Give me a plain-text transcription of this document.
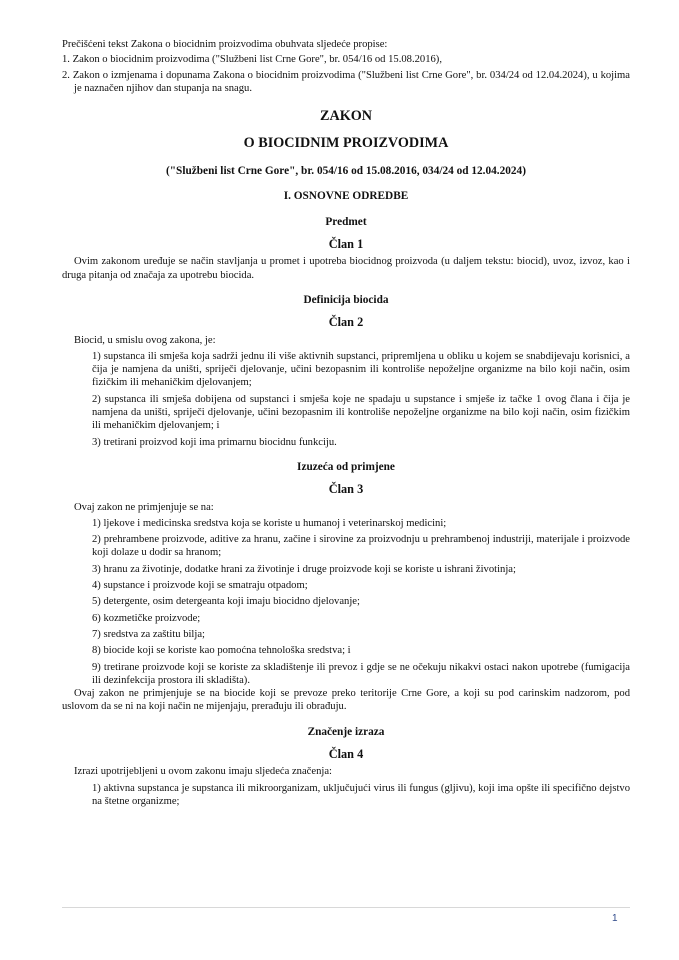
Prečišćeni tekst Zakona o biocidnim proizvodima obuhvata sljedeće propise:

1. Zakon o biocidnim proizvodima ("Službeni list Crne Gore", br. 054/16 od 15.08.2016),

2. Zakon o izmjenama i dopunama Zakona o biocidnim proizvodima ("Službeni list Crne Gore", br. 034/24 od 12.04.2024), u kojima je naznačen njihov dan stupanja na snagu.

ZAKON

O BIOCIDNIM PROIZVODIMA

("Službeni list Crne Gore", br. 054/16 od 15.08.2016, 034/24 od 12.04.2024)

I. OSNOVNE ODREDBE

Predmet

Član 1

Ovim zakonom uređuje se način stavljanja u promet i upotreba biocidnog proizvoda (u daljem tekstu: biocid), uvoz, izvoz, kao i druga pitanja od značaja za upotrebu biocida.

Definicija biocida

Član 2

Biocid, u smislu ovog zakona, je:

1) supstanca ili smješa koja sadrži jednu ili više aktivnih supstanci, pripremljena u obliku u kojem se snabdijevaju korisnici, a čija je namjena da uništi, spriječi djelovanje, učini bezopasnim ili kontroliše nepoželjne organizme na bilo koji način, osim fizičkim ili mehaničkim djelovanjem;

2) supstanca ili smješa dobijena od supstanci i smješa koje ne spadaju u supstance i smješe iz tačke 1 ovog člana i čija je namjena da uništi, spriječi djelovanje, učini bezopasnim ili kontroliše nepoželjne organizme na bilo koji način, osim fizičkim ili mehaničkim djelovanjem; i

3) tretirani proizvod koji ima primarnu biocidnu funkciju.

Izuzeća od primjene

Član 3

Ovaj zakon ne primjenjuje se na:

1) ljekove i medicinska sredstva koja se koriste u humanoj i veterinarskoj medicini;

2) prehrambene proizvode, aditive za hranu, začine i sirovine za proizvodnju u prehrambenoj industriji, materijale i proizvode koji dolaze u dodir sa hranom;

3) hranu za životinje, dodatke hrani za životinje i druge proizvode koji se koriste u ishrani životinja;

4) supstance i proizvode koji se smatraju otpadom;

5) detergente, osim detergeanta koji imaju biocidno djelovanje;

6) kozmetičke proizvode;

7) sredstva za zaštitu bilja;

8) biocide koji se koriste kao pomoćna tehnološka sredstva; i

9) tretirane proizvode koji se koriste za skladištenje ili prevoz i gdje se ne očekuju nikakvi ostaci nakon upotrebe (fumigacija ili dezinfekcija prostora ili skladišta).

Ovaj zakon ne primjenjuje se na biocide koji se prevoze preko teritorije Crne Gore, a koji su pod carinskim nadzorom, pod uslovom da se ni na koji način ne mijenjaju, prerađuju ili obrađuju.

Značenje izraza

Član 4

Izrazi upotrijebljeni u ovom zakonu imaju sljedeća značenja:

1) aktivna supstanca je supstanca ili mikroorganizam, uključujući virus ili fungus (gljivu), koji ima opšte ili specifično dejstvo na štetne organizme;

1
